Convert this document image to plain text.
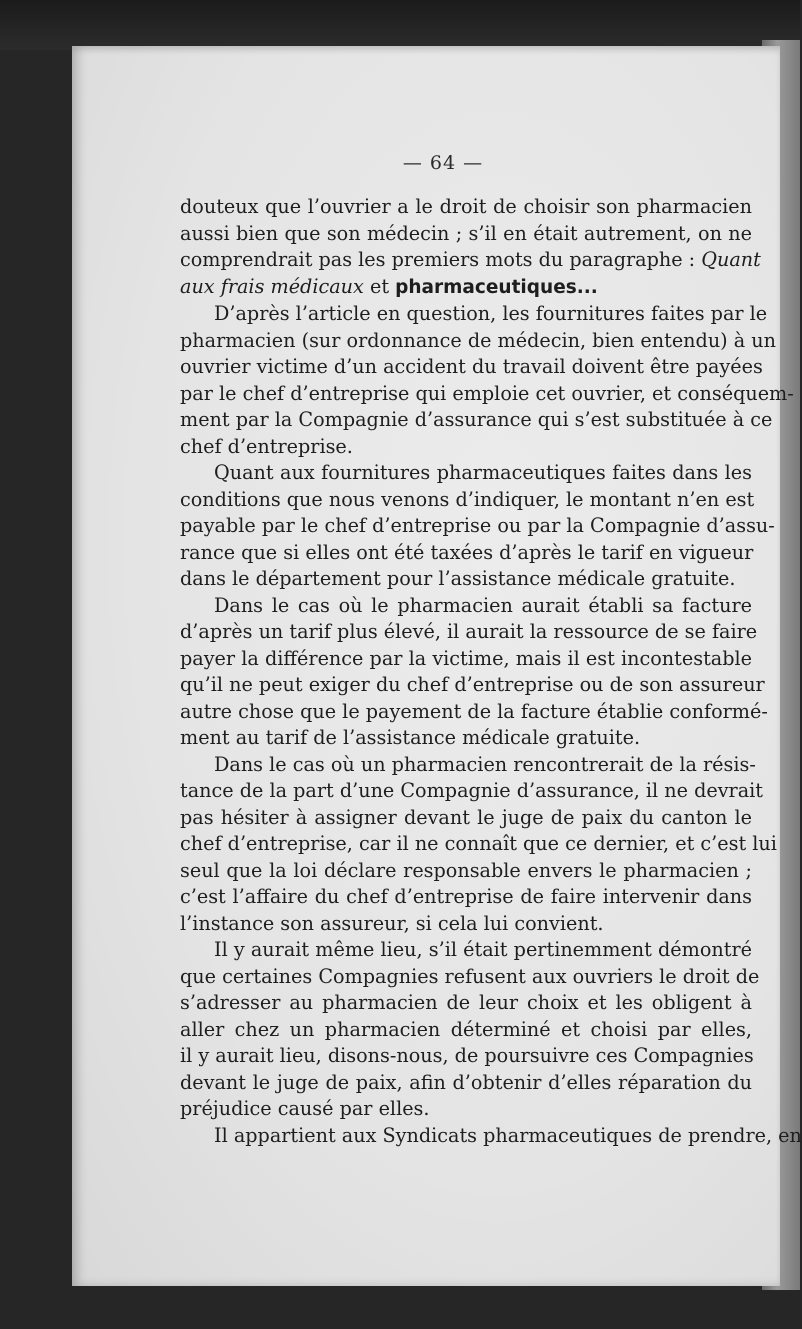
— 64 —
douteux que l’ouvrier a le droit de choisir son pharmacien
aussi bien que son médecin ; s’il en était autrement, on ne
comprendrait pas les premiers mots du paragraphe : Quant
aux frais médicaux et pharmaceutiques...
D’après l’article en question, les fournitures faites par le
pharmacien (sur ordonnance de médecin, bien entendu) à un
ouvrier victime d’un accident du travail doivent être payées
par le chef d’entreprise qui emploie cet ouvrier, et conséquem-
ment par la Compagnie d’assurance qui s’est substituée à ce
chef d’entreprise.
Quant aux fournitures pharmaceutiques faites dans les
conditions que nous venons d’indiquer, le montant n’en est
payable par le chef d’entreprise ou par la Compagnie d’assu-
rance que si elles ont été taxées d’après le tarif en vigueur
dans le département pour l’assistance médicale gratuite.
Dans le cas où le pharmacien aurait établi sa facture
d’après un tarif plus élevé, il aurait la ressource de se faire
payer la différence par la victime, mais il est incontestable
qu’il ne peut exiger du chef d’entreprise ou de son assureur
autre chose que le payement de la facture établie conformé-
ment au tarif de l’assistance médicale gratuite.
Dans le cas où un pharmacien rencontrerait de la résis-
tance de la part d’une Compagnie d’assurance, il ne devrait
pas hésiter à assigner devant le juge de paix du canton le
chef d’entreprise, car il ne connaît que ce dernier, et c’est lui
seul que la loi déclare responsable envers le pharmacien ;
c’est l’affaire du chef d’entreprise de faire intervenir dans
l’instance son assureur, si cela lui convient.
Il y aurait même lieu, s’il était pertinemment démontré
que certaines Compagnies refusent aux ouvriers le droit de
s’adresser au pharmacien de leur choix et les obligent à
aller chez un pharmacien déterminé et choisi par elles,
il y aurait lieu, disons-nous, de poursuivre ces Compagnies
devant le juge de paix, afin d’obtenir d’elles réparation du
préjudice causé par elles.
Il appartient aux Syndicats pharmaceutiques de prendre, en
